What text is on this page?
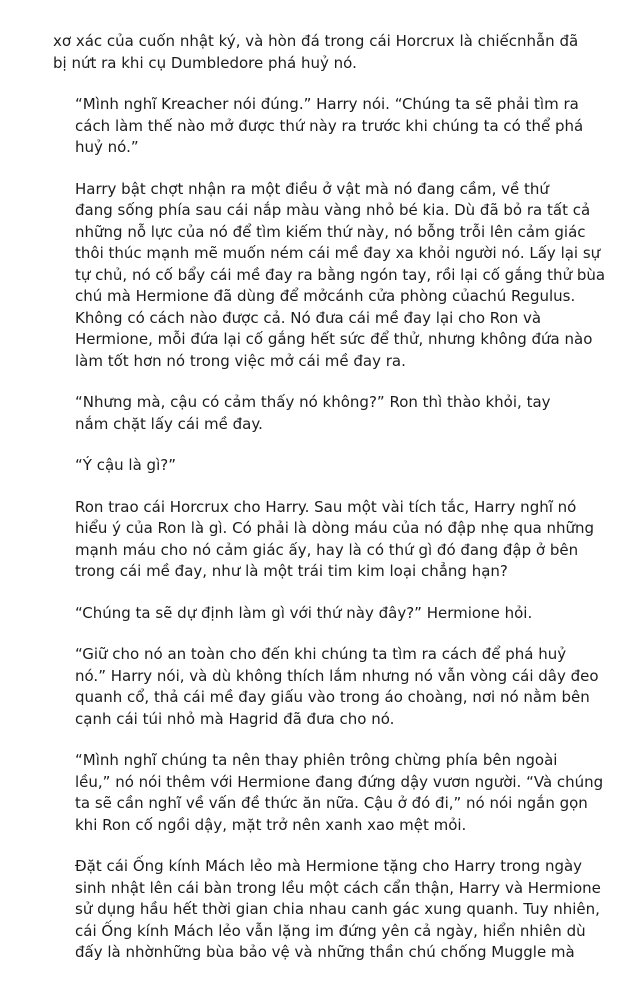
xơ xác của cuốn nhật ký, và hòn đá trong cái Horcrux là chiếcnhẫn đã
bị nứt ra khi cụ Dumbledore phá huỷ nó.

“Mình nghĩ Kreacher nói đúng.” Harry nói. “Chúng ta sẽ phải tìm ra
cách làm thế nào mở được thứ này ra trước khi chúng ta có thể phá
huỷ nó.”

Harry bật chợt nhận ra một điều ở vật mà nó đang cầm, về thứ
đang sống phía sau cái nắp màu vàng nhỏ bé kia. Dù đã bỏ ra tất cả
những nỗ lực của nó để tìm kiếm thứ này, nó bỗng trỗi lên cảm giác
thôi thúc mạnh mẽ muốn ném cái mề đay xa khỏi người nó. Lấy lại sự
tự chủ, nó cố bẩy cái mề đay ra bằng ngón tay, rồi lại cố gắng thử bùa
chú mà Hermione đã dùng để mởcánh cửa phòng củachú Regulus.
Không có cách nào được cả. Nó đưa cái mề đay lại cho Ron và
Hermione, mỗi đứa lại cố gắng hết sức để thử, nhưng không đứa nào
làm tốt hơn nó trong việc mở cái mề đay ra.

“Nhưng mà, cậu có cảm thấy nó không?” Ron thì thào khỏi, tay
nắm chặt lấy cái mề đay.

“Ý cậu là gì?”

Ron trao cái Horcrux cho Harry. Sau một vài tích tắc, Harry nghĩ nó
hiểu ý của Ron là gì. Có phải là dòng máu của nó đập nhẹ qua những
mạnh máu cho nó cảm giác ấy, hay là có thứ gì đó đang đập ở bên
trong cái mề đay, như là một trái tim kim loại chẳng hạn?

“Chúng ta sẽ dự định làm gì với thứ này đây?” Hermione hỏi.

“Giữ cho nó an toàn cho đến khi chúng ta tìm ra cách để phá huỷ
nó.” Harry nói, và dù không thích lắm nhưng nó vẫn vòng cái dây đeo
quanh cổ, thả cái mề đay giấu vào trong áo choàng, nơi nó nằm bên
cạnh cái túi nhỏ mà Hagrid đã đưa cho nó.

“Mình nghĩ chúng ta nên thay phiên trông chừng phía bên ngoài
lều,” nó nói thêm với Hermione đang đứng dậy vươn người. “Và chúng
ta sẽ cần nghĩ về vấn đề thức ăn nữa. Cậu ở đó đi,” nó nói ngắn gọn
khi Ron cố ngồi dậy, mặt trở nên xanh xao mệt mỏi.

Đặt cái Ống kính Mách lẻo mà Hermione tặng cho Harry trong ngày
sinh nhật lên cái bàn trong lều một cách cẩn thận, Harry và Hermione
sử dụng hầu hết thời gian chia nhau canh gác xung quanh. Tuy nhiên,
cái Ống kính Mách lẻo vẫn lặng im đứng yên cả ngày, hiển nhiên dù
đấy là nhờnhững bùa bảo vệ và những thần chú chống Muggle mà
